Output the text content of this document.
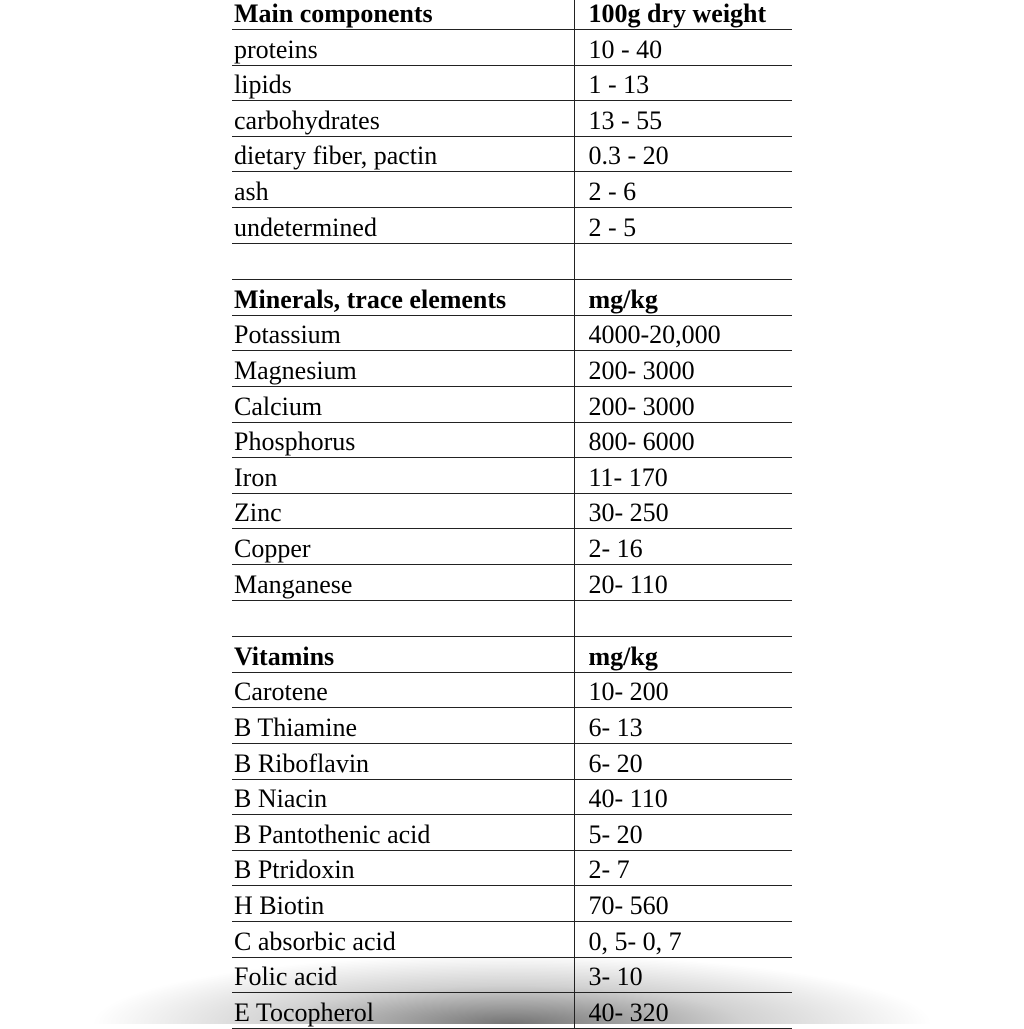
Main components	100g dry weight
proteins	10 - 40
lipids	1 - 13
carbohydrates	13 - 55
dietary fiber, pactin	0.3 - 20
ash	2 - 6
undetermined	2 - 5

Minerals, trace elements	mg/kg
Potassium	4000-20,000
Magnesium	200- 3000
Calcium	200- 3000
Phosphorus	800- 6000
Iron	11- 170
Zinc	30- 250
Copper	2- 16
Manganese	20- 110

Vitamins	mg/kg
Carotene	10- 200
B Thiamine	6- 13
B Riboflavin	6- 20
B Niacin	40- 110
B Pantothenic acid	5- 20
B Ptridoxin	2- 7
H Biotin	70- 560
C absorbic acid	0, 5- 0, 7
Folic acid	3- 10
E Tocopherol	40- 320
